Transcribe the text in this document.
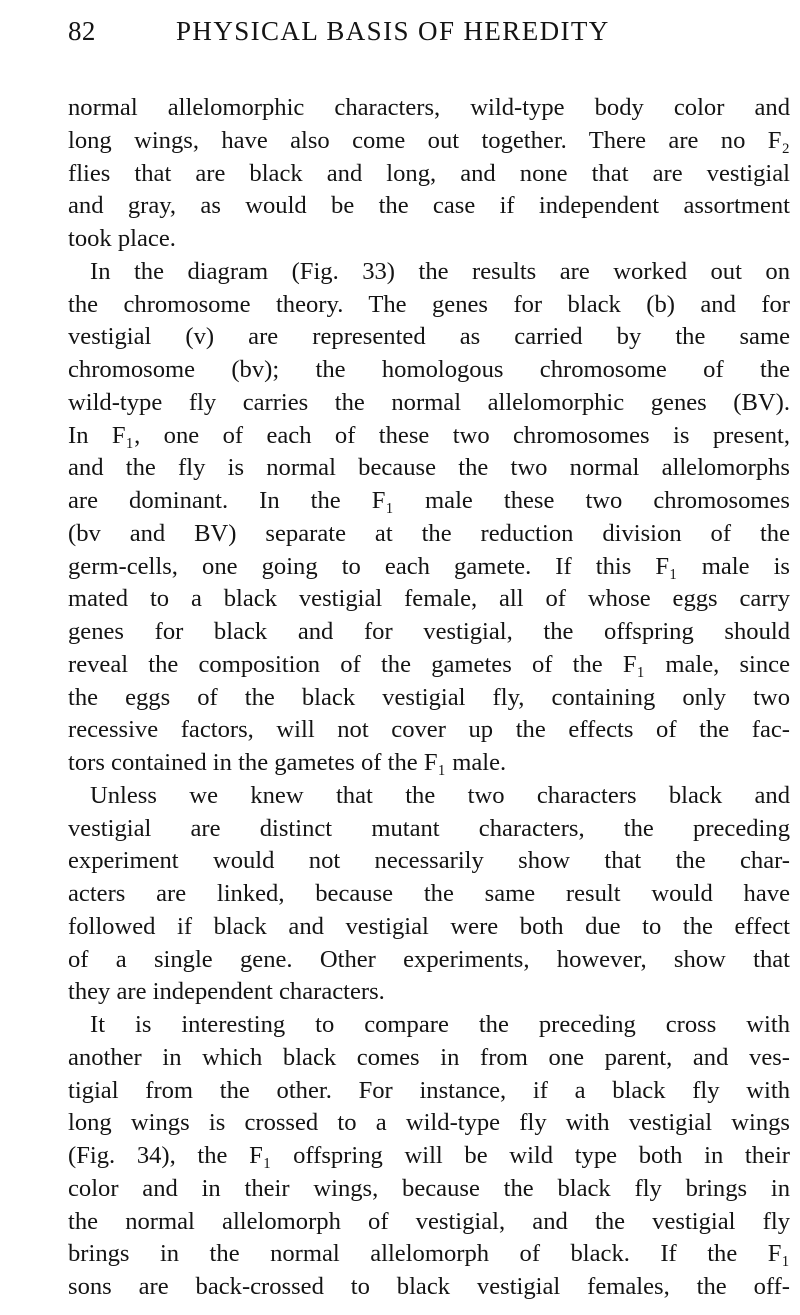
82	PHYSICAL BASIS OF HEREDITY
normal allelomorphic characters, wild-type body color and
long wings, have also come out together. There are no F₂
flies that are black and long, and none that are vestigial
and gray, as would be the case if independent assortment
took place.
In the diagram (Fig. 33) the results are worked out on
the chromosome theory. The genes for black (b) and for
vestigial (v) are represented as carried by the same
chromosome (bv); the homologous chromosome of the
wild-type fly carries the normal allelomorphic genes (BV).
In F₁, one of each of these two chromosomes is present,
and the fly is normal because the two normal allelomorphs
are dominant. In the F₁ male these two chromosomes
(bv and BV) separate at the reduction division of the
germ-cells, one going to each gamete. If this F₁ male is
mated to a black vestigial female, all of whose eggs carry
genes for black and for vestigial, the offspring should
reveal the composition of the gametes of the F₁ male, since
the eggs of the black vestigial fly, containing only two
recessive factors, will not cover up the effects of the fac-
tors contained in the gametes of the F₁ male.
Unless we knew that the two characters black and
vestigial are distinct mutant characters, the preceding
experiment would not necessarily show that the char-
acters are linked, because the same result would have
followed if black and vestigial were both due to the effect
of a single gene. Other experiments, however, show that
they are independent characters.
It is interesting to compare the preceding cross with
another in which black comes in from one parent, and ves-
tigial from the other. For instance, if a black fly with
long wings is crossed to a wild-type fly with vestigial wings
(Fig. 34), the F₁ offspring will be wild type both in their
color and in their wings, because the black fly brings in
the normal allelomorph of vestigial, and the vestigial fly
brings in the normal allelomorph of black. If the F₁
sons are back-crossed to black vestigial females, the off-
